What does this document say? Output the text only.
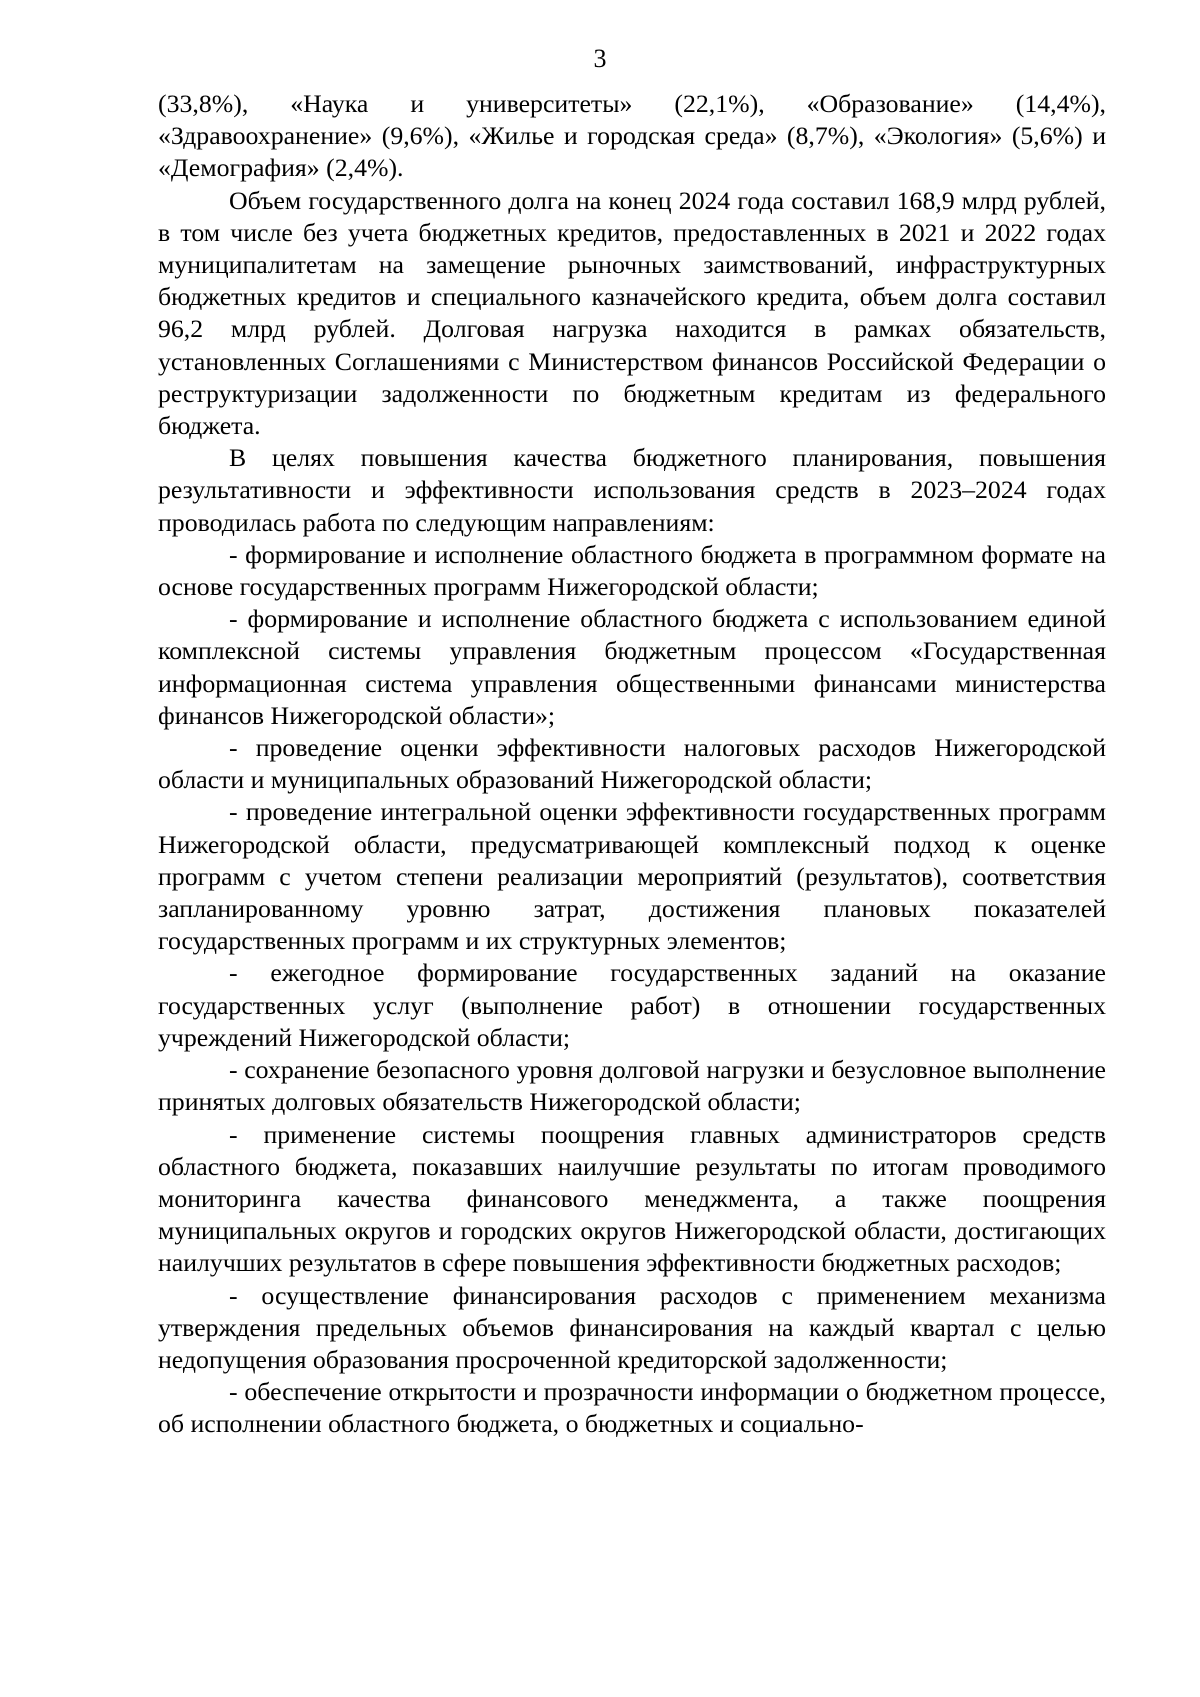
3

(33,8%), «Наука и университеты» (22,1%), «Образование» (14,4%), «Здравоохранение» (9,6%), «Жилье и городская среда» (8,7%), «Экология» (5,6%) и «Демография» (2,4%).

Объем государственного долга на конец 2024 года составил 168,9 млрд рублей, в том числе без учета бюджетных кредитов, предоставленных в 2021 и 2022 годах муниципалитетам на замещение рыночных заимствований, инфраструктурных бюджетных кредитов и специального казначейского кредита, объем долга составил 96,2 млрд рублей. Долговая нагрузка находится в рамках обязательств, установленных Соглашениями с Министерством финансов Российской Федерации о реструктуризации задолженности по бюджетным кредитам из федерального бюджета.

В целях повышения качества бюджетного планирования, повышения результативности и эффективности использования средств в 2023–2024 годах проводилась работа по следующим направлениям:

- формирование и исполнение областного бюджета в программном формате на основе государственных программ Нижегородской области;

- формирование и исполнение областного бюджета с использованием единой комплексной системы управления бюджетным процессом «Государственная информационная система управления общественными финансами министерства финансов Нижегородской области»;

- проведение оценки эффективности налоговых расходов Нижегородской области и муниципальных образований Нижегородской области;

- проведение интегральной оценки эффективности государственных программ Нижегородской области, предусматривающей комплексный подход к оценке программ с учетом степени реализации мероприятий (результатов), соответствия запланированному уровню затрат, достижения плановых показателей государственных программ и их структурных элементов;

- ежегодное формирование государственных заданий на оказание государственных услуг (выполнение работ) в отношении государственных учреждений Нижегородской области;

- сохранение безопасного уровня долговой нагрузки и безусловное выполнение принятых долговых обязательств Нижегородской области;

- применение системы поощрения главных администраторов средств областного бюджета, показавших наилучшие результаты по итогам проводимого мониторинга качества финансового менеджмента, а также поощрения муниципальных округов и городских округов Нижегородской области, достигающих наилучших результатов в сфере повышения эффективности бюджетных расходов;

- осуществление финансирования расходов с применением механизма утверждения предельных объемов финансирования на каждый квартал с целью недопущения образования просроченной кредиторской задолженности;

- обеспечение открытости и прозрачности информации о бюджетном процессе, об исполнении областного бюджета, о бюджетных и социально-
